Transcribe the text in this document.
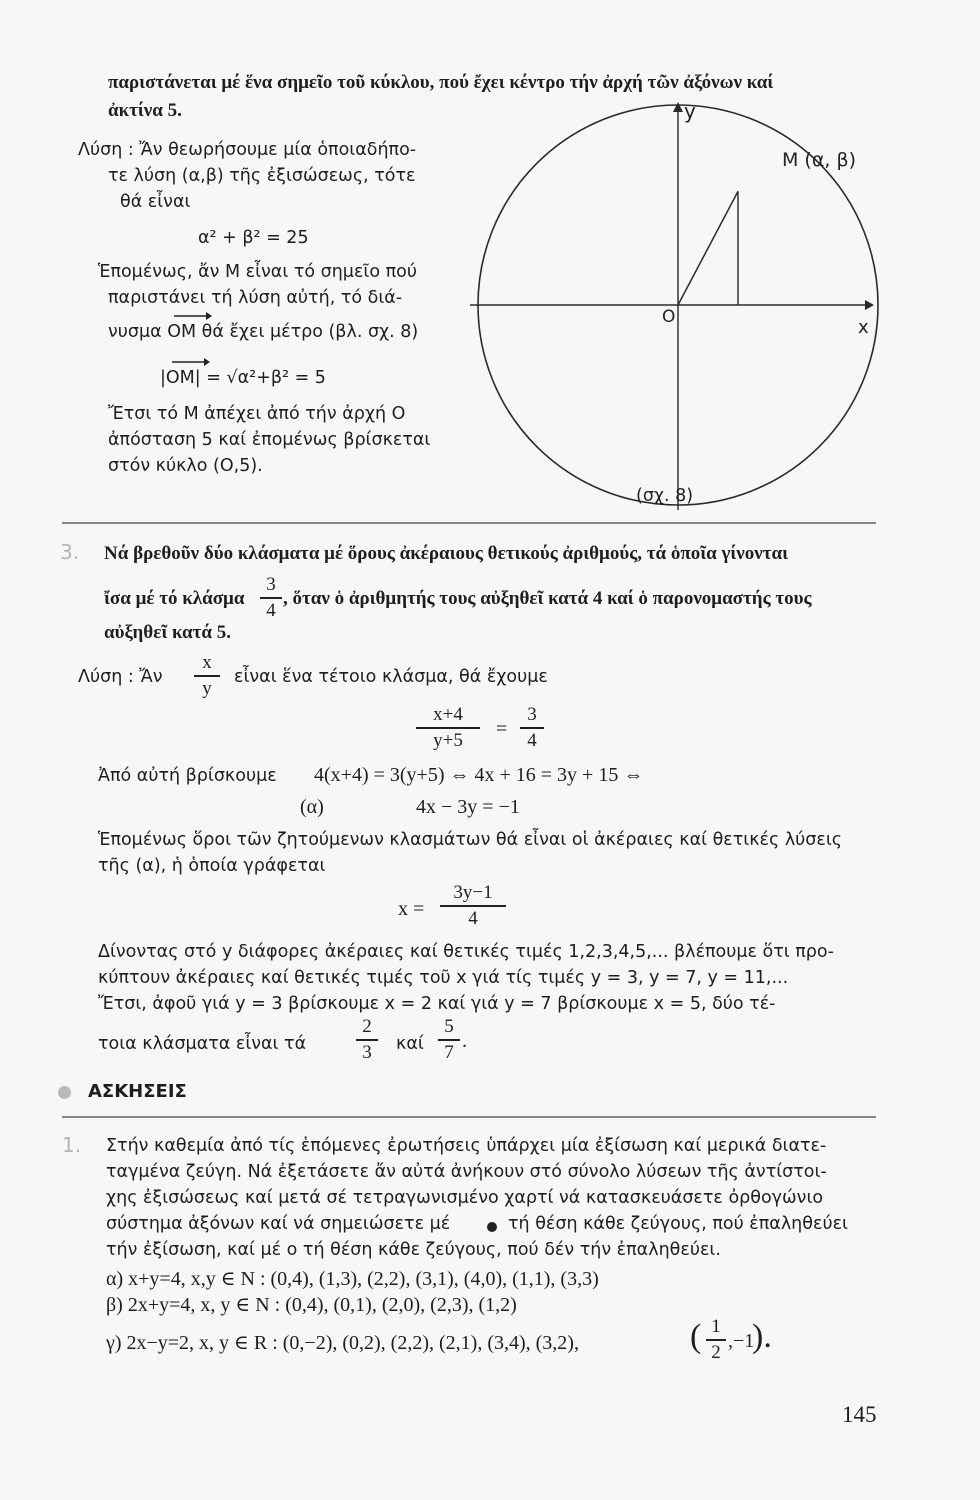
παριστάνεται μέ ἕνα σημεῖο τοῦ κύκλου, πού ἔχει κέντρο τήν ἀρχή τῶν ἀξόνων καί
ἀκτίνα 5.
Λύση : Ἄν θεωρήσουμε μία ὁποιαδήπο-
τε λύση (α,β) τῆς ἐξισώσεως, τότε
θά εἶναι
α² + β² = 25
Ἑπομένως, ἄν Μ εἶναι τό σημεῖο πού
παριστάνει τή λύση αὐτή, τό διά-
νυσμα ΟΜ θά ἔχει μέτρο (βλ. σχ. 8)
|ΟΜ| = √α²+β² = 5
Ἔτσι τό Μ ἀπέχει ἀπό τήν ἀρχή Ο
ἀπόσταση 5 καί ἐπομένως βρίσκεται
στόν κύκλο (Ο,5).
y
x
O
M (α, β)
(σχ. 8)
3. Νά βρεθοῦν δύο κλάσματα μέ ὅρους ἀκέραιους θετικούς ἀριθμούς, τά ὁποῖα γίνονται
ἴσα μέ τό κλάσμα
3
4
, ὅταν ὁ ἀριθμητής τους αὐξηθεῖ κατά 4 καί ὁ παρονομαστής τους
αὐξηθεῖ κατά 5.
Λύση : Ἄν
x
y
εἶναι ἕνα τέτοιο κλάσμα, θά ἔχουμε
x+4
y+5	=
3
4
Ἀπό αὐτή βρίσκουμε 4(x+4) = 3(y+5) ⇔ 4x + 16 = 3y + 15 ⇔
(α)	4x − 3y = −1
Ἑπομένως ὅροι τῶν ζητούμενων κλασμάτων θά εἶναι οἱ ἀκέραιες καί θετικές λύσεις
τῆς (α), ἡ ὁποία γράφεται
x =
3y−1
4
Δίνοντας στό y διάφορες ἀκέραιες καί θετικές τιμές 1,2,3,4,5,... βλέπουμε ὅτι προ-
κύπτουν ἀκέραιες καί θετικές τιμές τοῦ x γιά τίς τιμές y = 3, y = 7, y = 11,...
Ἔτσι, ἀφοῦ γιά y = 3 βρίσκουμε x = 2 καί γιά y = 7 βρίσκουμε x = 5, δύο τέ-
τοια κλάσματα εἶναι τά
2
3	καί
5
7 .
ΑΣΚΗΣΕΙΣ
1. Στήν καθεμία ἀπό τίς ἑπόμενες ἐρωτήσεις ὑπάρχει μία ἐξίσωση καί μερικά διατε-
ταγμένα ζεύγη. Νά ἐξετάσετε ἄν αὐτά ἀνήκουν στό σύνολο λύσεων τῆς ἀντίστοι-
χης ἐξισώσεως καί μετά σέ τετραγωνισμένο χαρτί νά κατασκευάσετε ὀρθογώνιο
σύστημα ἀξόνων καί νά σημειώσετε μέ	τή θέση κάθε ζεύγους, πού ἐπαληθεύει
τήν ἐξίσωση, καί μέ ο τή θέση κάθε ζεύγους, πού δέν τήν ἐπαληθεύει.
α) x+y=4, x,y ∈ N : (0,4), (1,3), (2,2), (3,1), (4,0), (1,1), (3,3)
β) 2x+y=4, x, y ∈ N : (0,4), (0,1), (2,0), (2,3), (1,2)
γ) 2x−y=2, x, y ∈ R : (0,−2), (0,2), (2,2), (2,1), (3,4), (3,2),	( 1
2 ,−1
).
145
